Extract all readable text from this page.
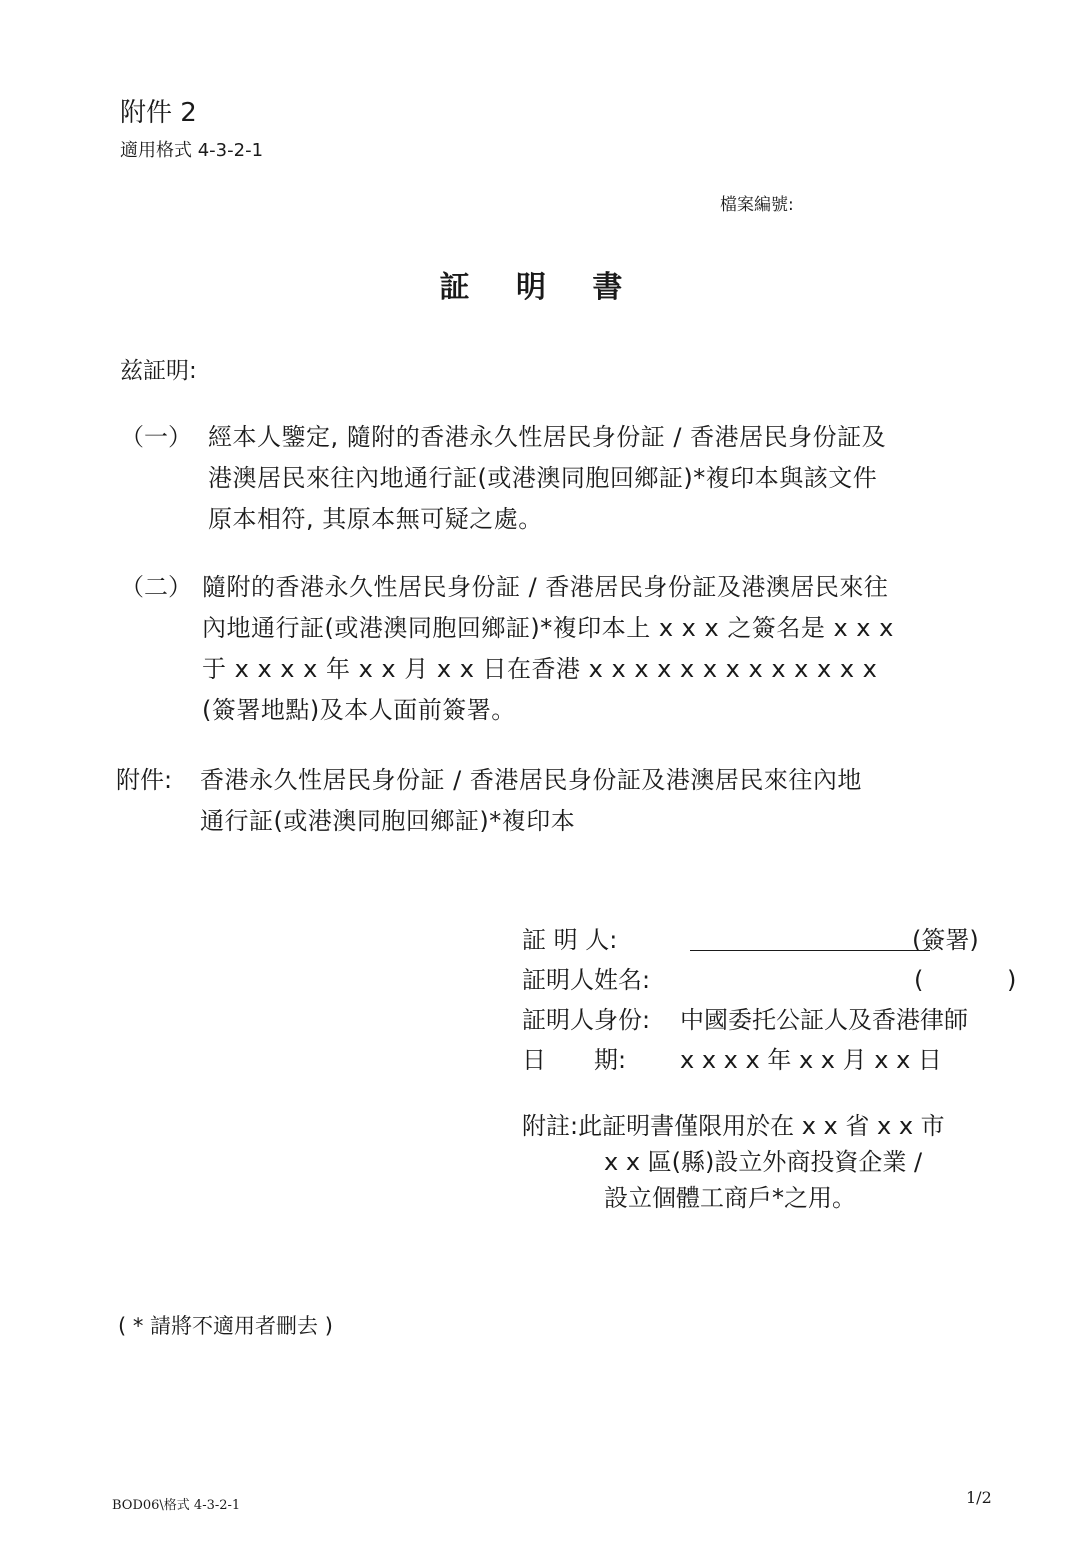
附件 2
適用格式 4-3-2-1
檔案編號:
証 明 書
兹証明:
（一） 經本人鑒定, 隨附的香港永久性居民身份証 / 香港居民身份証及
港澳居民來往內地通行証(或港澳同胞回鄉証)*複印本與該文件
原本相符, 其原本無可疑之處。
（二） 隨附的香港永久性居民身份証 / 香港居民身份証及港澳居民來往
內地通行証(或港澳同胞回鄉証)*複印本上 x x x 之簽名是 x x x
于 x x x x 年 x x 月 x x 日在香港 x x x x x x x x x x x x x
(簽署地點)及本人面前簽署。
附件: 香港永久性居民身份証 / 香港居民身份証及港澳居民來往內地
通行証(或港澳同胞回鄉証)*複印本
証 明 人:	(簽署)
証明人姓名:	( )
証明人身份: 中國委托公証人及香港律師
日　　期: x x x x 年 x x 月 x x 日
附註:此証明書僅限用於在 x x 省 x x 市
x x 區(縣)設立外商投資企業 /
設立個體工商戶*之用。
( * 請將不適用者刪去 )
BOD06\格式 4-3-2-1	1/2
